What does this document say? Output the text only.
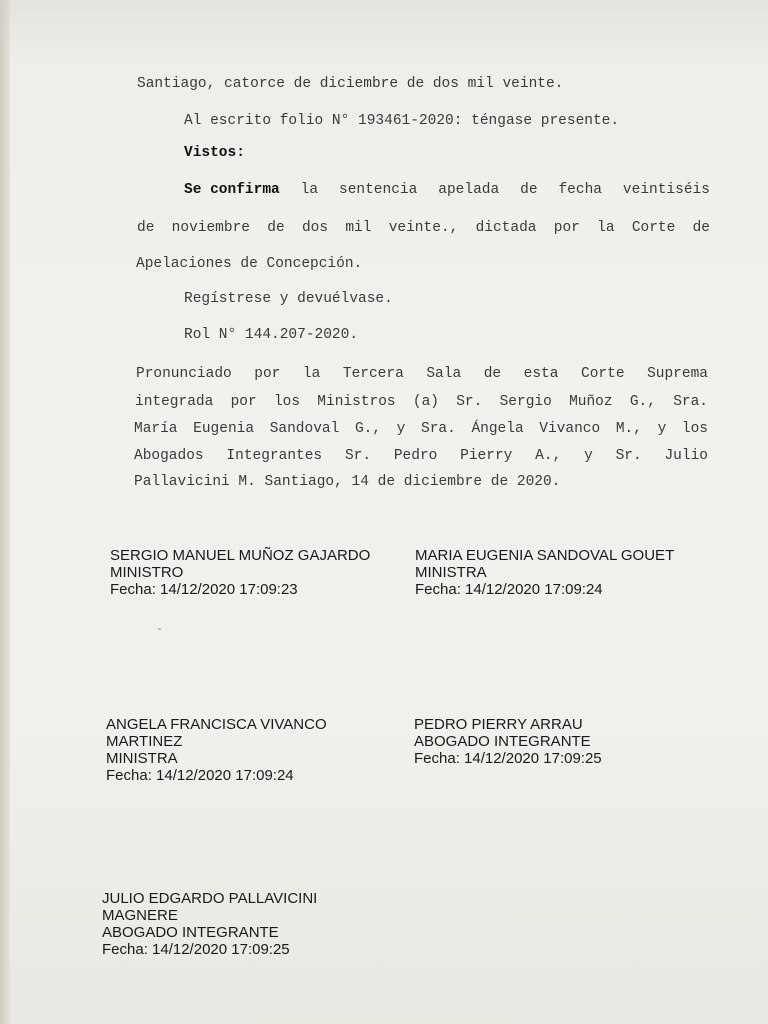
Santiago, catorce de diciembre de dos mil veinte.
Al escrito folio N° 193461-2020: téngase presente.
Vistos:
Se confirma la sentencia apelada de fecha veintiséis
de noviembre de dos mil veinte., dictada por la Corte de
Apelaciones de Concepción.
Regístrese y devuélvase.
Rol N° 144.207-2020.
Pronunciado por la Tercera Sala de esta Corte Suprema
integrada por los Ministros (a) Sr. Sergio Muñoz G., Sra.
María Eugenia Sandoval G., y Sra. Ángela Vivanco M., y los
Abogados Integrantes Sr. Pedro Pierry A., y Sr. Julio
Pallavicini M. Santiago, 14 de diciembre de 2020.
SERGIO MANUEL MUÑOZ GAJARDO
MINISTRO
Fecha: 14/12/2020 17:09:23
MARIA EUGENIA SANDOVAL GOUET
MINISTRA
Fecha: 14/12/2020 17:09:24
ANGELA FRANCISCA VIVANCO
MARTINEZ
MINISTRA
Fecha: 14/12/2020 17:09:24
PEDRO PIERRY ARRAU
ABOGADO INTEGRANTE
Fecha: 14/12/2020 17:09:25
JULIO EDGARDO PALLAVICINI
MAGNERE
ABOGADO INTEGRANTE
Fecha: 14/12/2020 17:09:25
